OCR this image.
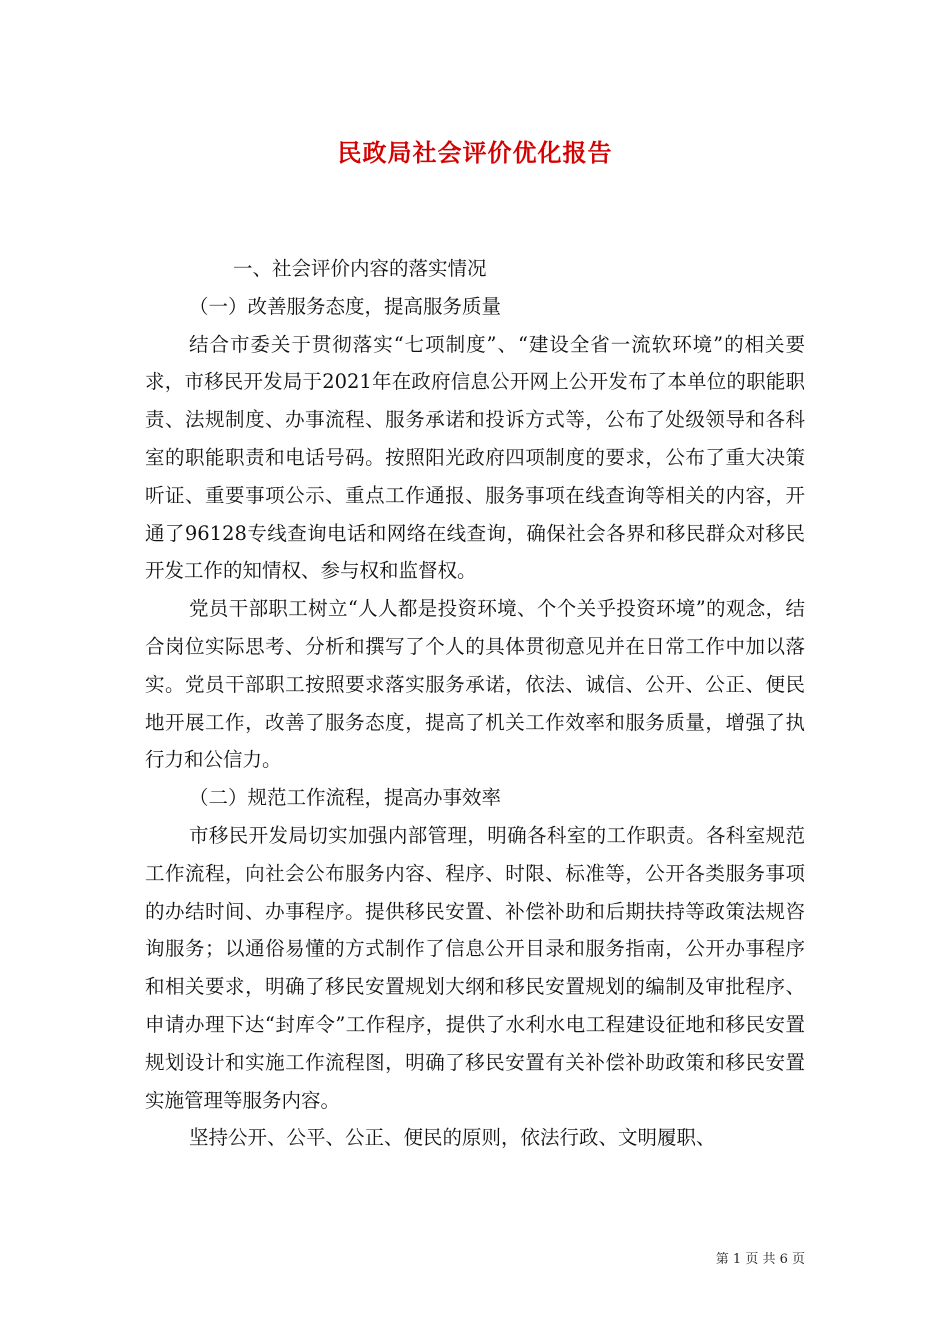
民政局社会评价优化报告

一、社会评价内容的落实情况

（一）改善服务态度，提高服务质量

结合市委关于贯彻落实“七项制度”、“建设全省一流软环境”的相关要求，市移民开发局于2021年在政府信息公开网上公开发布了本单位的职能职责、法规制度、办事流程、服务承诺和投诉方式等，公布了处级领导和各科室的职能职责和电话号码。按照阳光政府四项制度的要求，公布了重大决策听证、重要事项公示、重点工作通报、服务事项在线查询等相关的内容，开通了96128专线查询电话和网络在线查询，确保社会各界和移民群众对移民开发工作的知情权、参与权和监督权。

党员干部职工树立“人人都是投资环境、个个关乎投资环境”的观念，结合岗位实际思考、分析和撰写了个人的具体贯彻意见并在日常工作中加以落实。党员干部职工按照要求落实服务承诺，依法、诚信、公开、公正、便民地开展工作，改善了服务态度，提高了机关工作效率和服务质量，增强了执行力和公信力。

（二）规范工作流程，提高办事效率

市移民开发局切实加强内部管理，明确各科室的工作职责。各科室规范工作流程，向社会公布服务内容、程序、时限、标准等，公开各类服务事项的办结时间、办事程序。提供移民安置、补偿补助和后期扶持等政策法规咨询服务；以通俗易懂的方式制作了信息公开目录和服务指南，公开办事程序和相关要求，明确了移民安置规划大纲和移民安置规划的编制及审批程序、申请办理下达“封库令”工作程序，提供了水利水电工程建设征地和移民安置规划设计和实施工作流程图，明确了移民安置有关补偿补助政策和移民安置实施管理等服务内容。

坚持公开、公平、公正、便民的原则，依法行政、文明履职、

第 1 页 共 6 页
